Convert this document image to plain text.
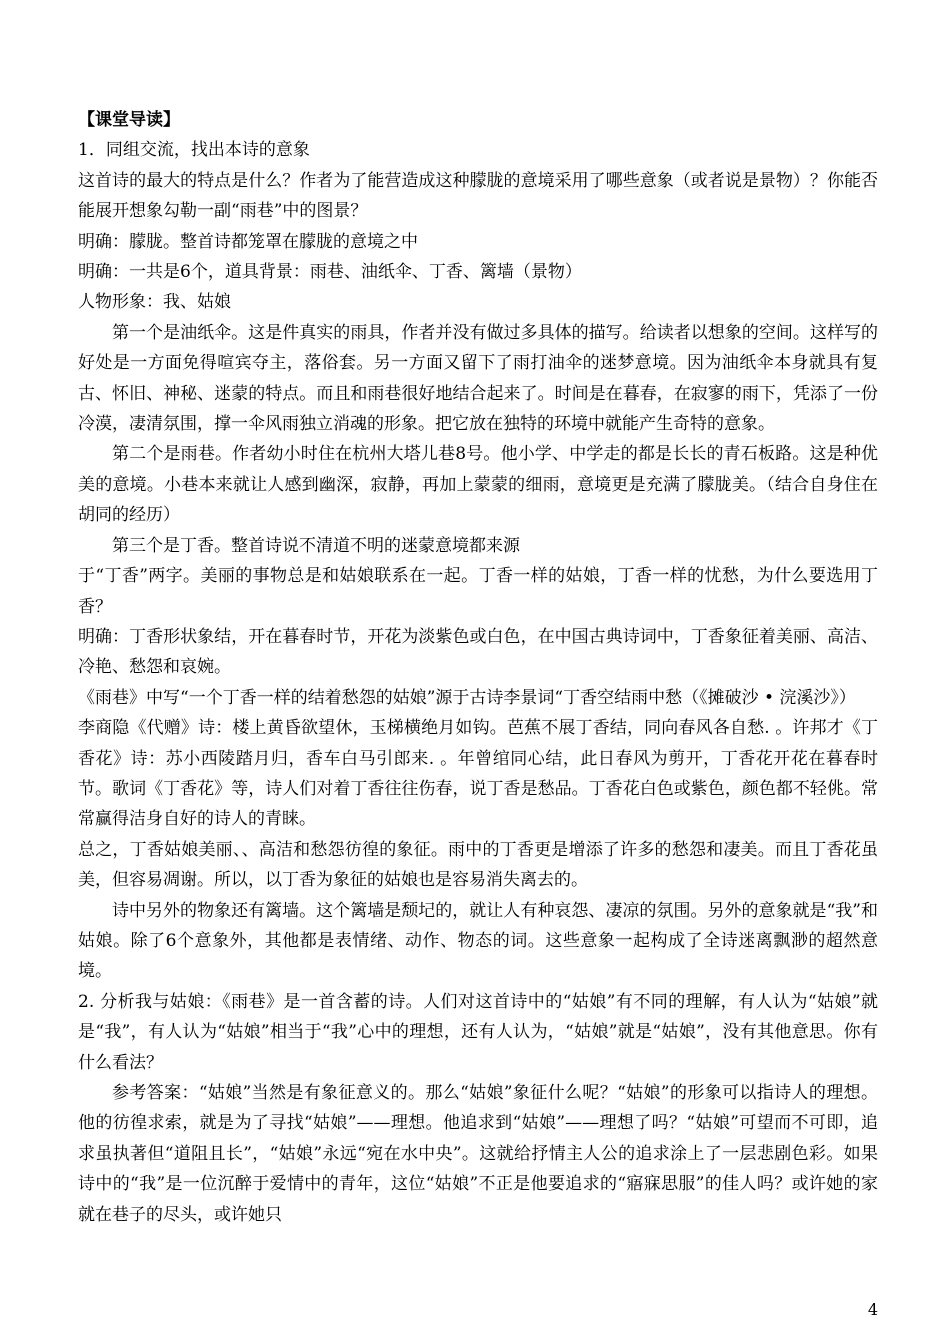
【课堂导读】

1．同组交流，找出本诗的意象

这首诗的最大的特点是什么？作者为了能营造成这种朦胧的意境采用了哪些意象（或者说是景物）？你能否能展开想象勾勒一副“雨巷”中的图景？

明确：朦胧。整首诗都笼罩在朦胧的意境之中

明确：一共是6个，道具背景：雨巷、油纸伞、丁香、篱墙（景物）

人物形象：我、姑娘

第一个是油纸伞。这是件真实的雨具，作者并没有做过多具体的描写。给读者以想象的空间。这样写的好处是一方面免得喧宾夺主，落俗套。另一方面又留下了雨打油伞的迷梦意境。因为油纸伞本身就具有复古、怀旧、神秘、迷蒙的特点。而且和雨巷很好地结合起来了。时间是在暮春，在寂寥的雨下，凭添了一份冷漠，凄清氛围，撑一伞风雨独立消魂的形象。把它放在独特的环境中就能产生奇特的意象。

第二个是雨巷。作者幼小时住在杭州大塔儿巷8号。他小学、中学走的都是长长的青石板路。这是种优美的意境。小巷本来就让人感到幽深，寂静，再加上蒙蒙的细雨，意境更是充满了朦胧美。（结合自身住在胡同的经历）

第三个是丁香。整首诗说不清道不明的迷蒙意境都来源

于“丁香”两字。美丽的事物总是和姑娘联系在一起。丁香一样的姑娘，丁香一样的忧愁，为什么要选用丁香？

明确：丁香形状象结，开在暮春时节，开花为淡紫色或白色，在中国古典诗词中，丁香象征着美丽、高洁、冷艳、愁怨和哀婉。

《雨巷》中写“一个丁香一样的结着愁怨的姑娘”源于古诗李景词“丁香空结雨中愁（《摊破沙 • 浣溪沙》）

李商隐《代赠》诗：楼上黄昏欲望休，玉梯横绝月如钩。芭蕉不展丁香结，同向春风各自愁. 。许邦才《丁香花》诗：苏小西陵踏月归，香车白马引郎来. 。年曾绾同心结，此日春风为剪开，丁香花开花在暮春时节。歌词《丁香花》等，诗人们对着丁香往往伤春，说丁香是愁品。丁香花白色或紫色，颜色都不轻佻。常常赢得洁身自好的诗人的青睐。

总之，丁香姑娘美丽、、高洁和愁怨彷徨的象征。雨中的丁香更是增添了许多的愁怨和凄美。而且丁香花虽美，但容易凋谢。所以，以丁香为象征的姑娘也是容易消失离去的。

诗中另外的物象还有篱墙。这个篱墙是颓圮的，就让人有种哀怨、凄凉的氛围。另外的意象就是“我”和姑娘。除了6个意象外，其他都是表情绪、动作、物态的词。这些意象一起构成了全诗迷离飘渺的超然意境。

2. 分析我与姑娘：《雨巷》是一首含蓄的诗。人们对这首诗中的“姑娘”有不同的理解，有人认为“姑娘”就是“我”，有人认为“姑娘”相当于“我”心中的理想，还有人认为，“姑娘”就是“姑娘”，没有其他意思。你有什么看法？

参考答案：“姑娘”当然是有象征意义的。那么“姑娘”象征什么呢？“姑娘”的形象可以指诗人的理想。他的彷徨求索，就是为了寻找“姑娘”——理想。他追求到“姑娘”——理想了吗？“姑娘”可望而不可即，追求虽执著但“道阻且长”，“姑娘”永远“宛在水中央”。这就给抒情主人公的追求涂上了一层悲剧色彩。如果诗中的“我”是一位沉醉于爱情中的青年，这位“姑娘”不正是他要追求的“寤寐思服”的佳人吗？或许她的家就在巷子的尽头，或许她只

4
